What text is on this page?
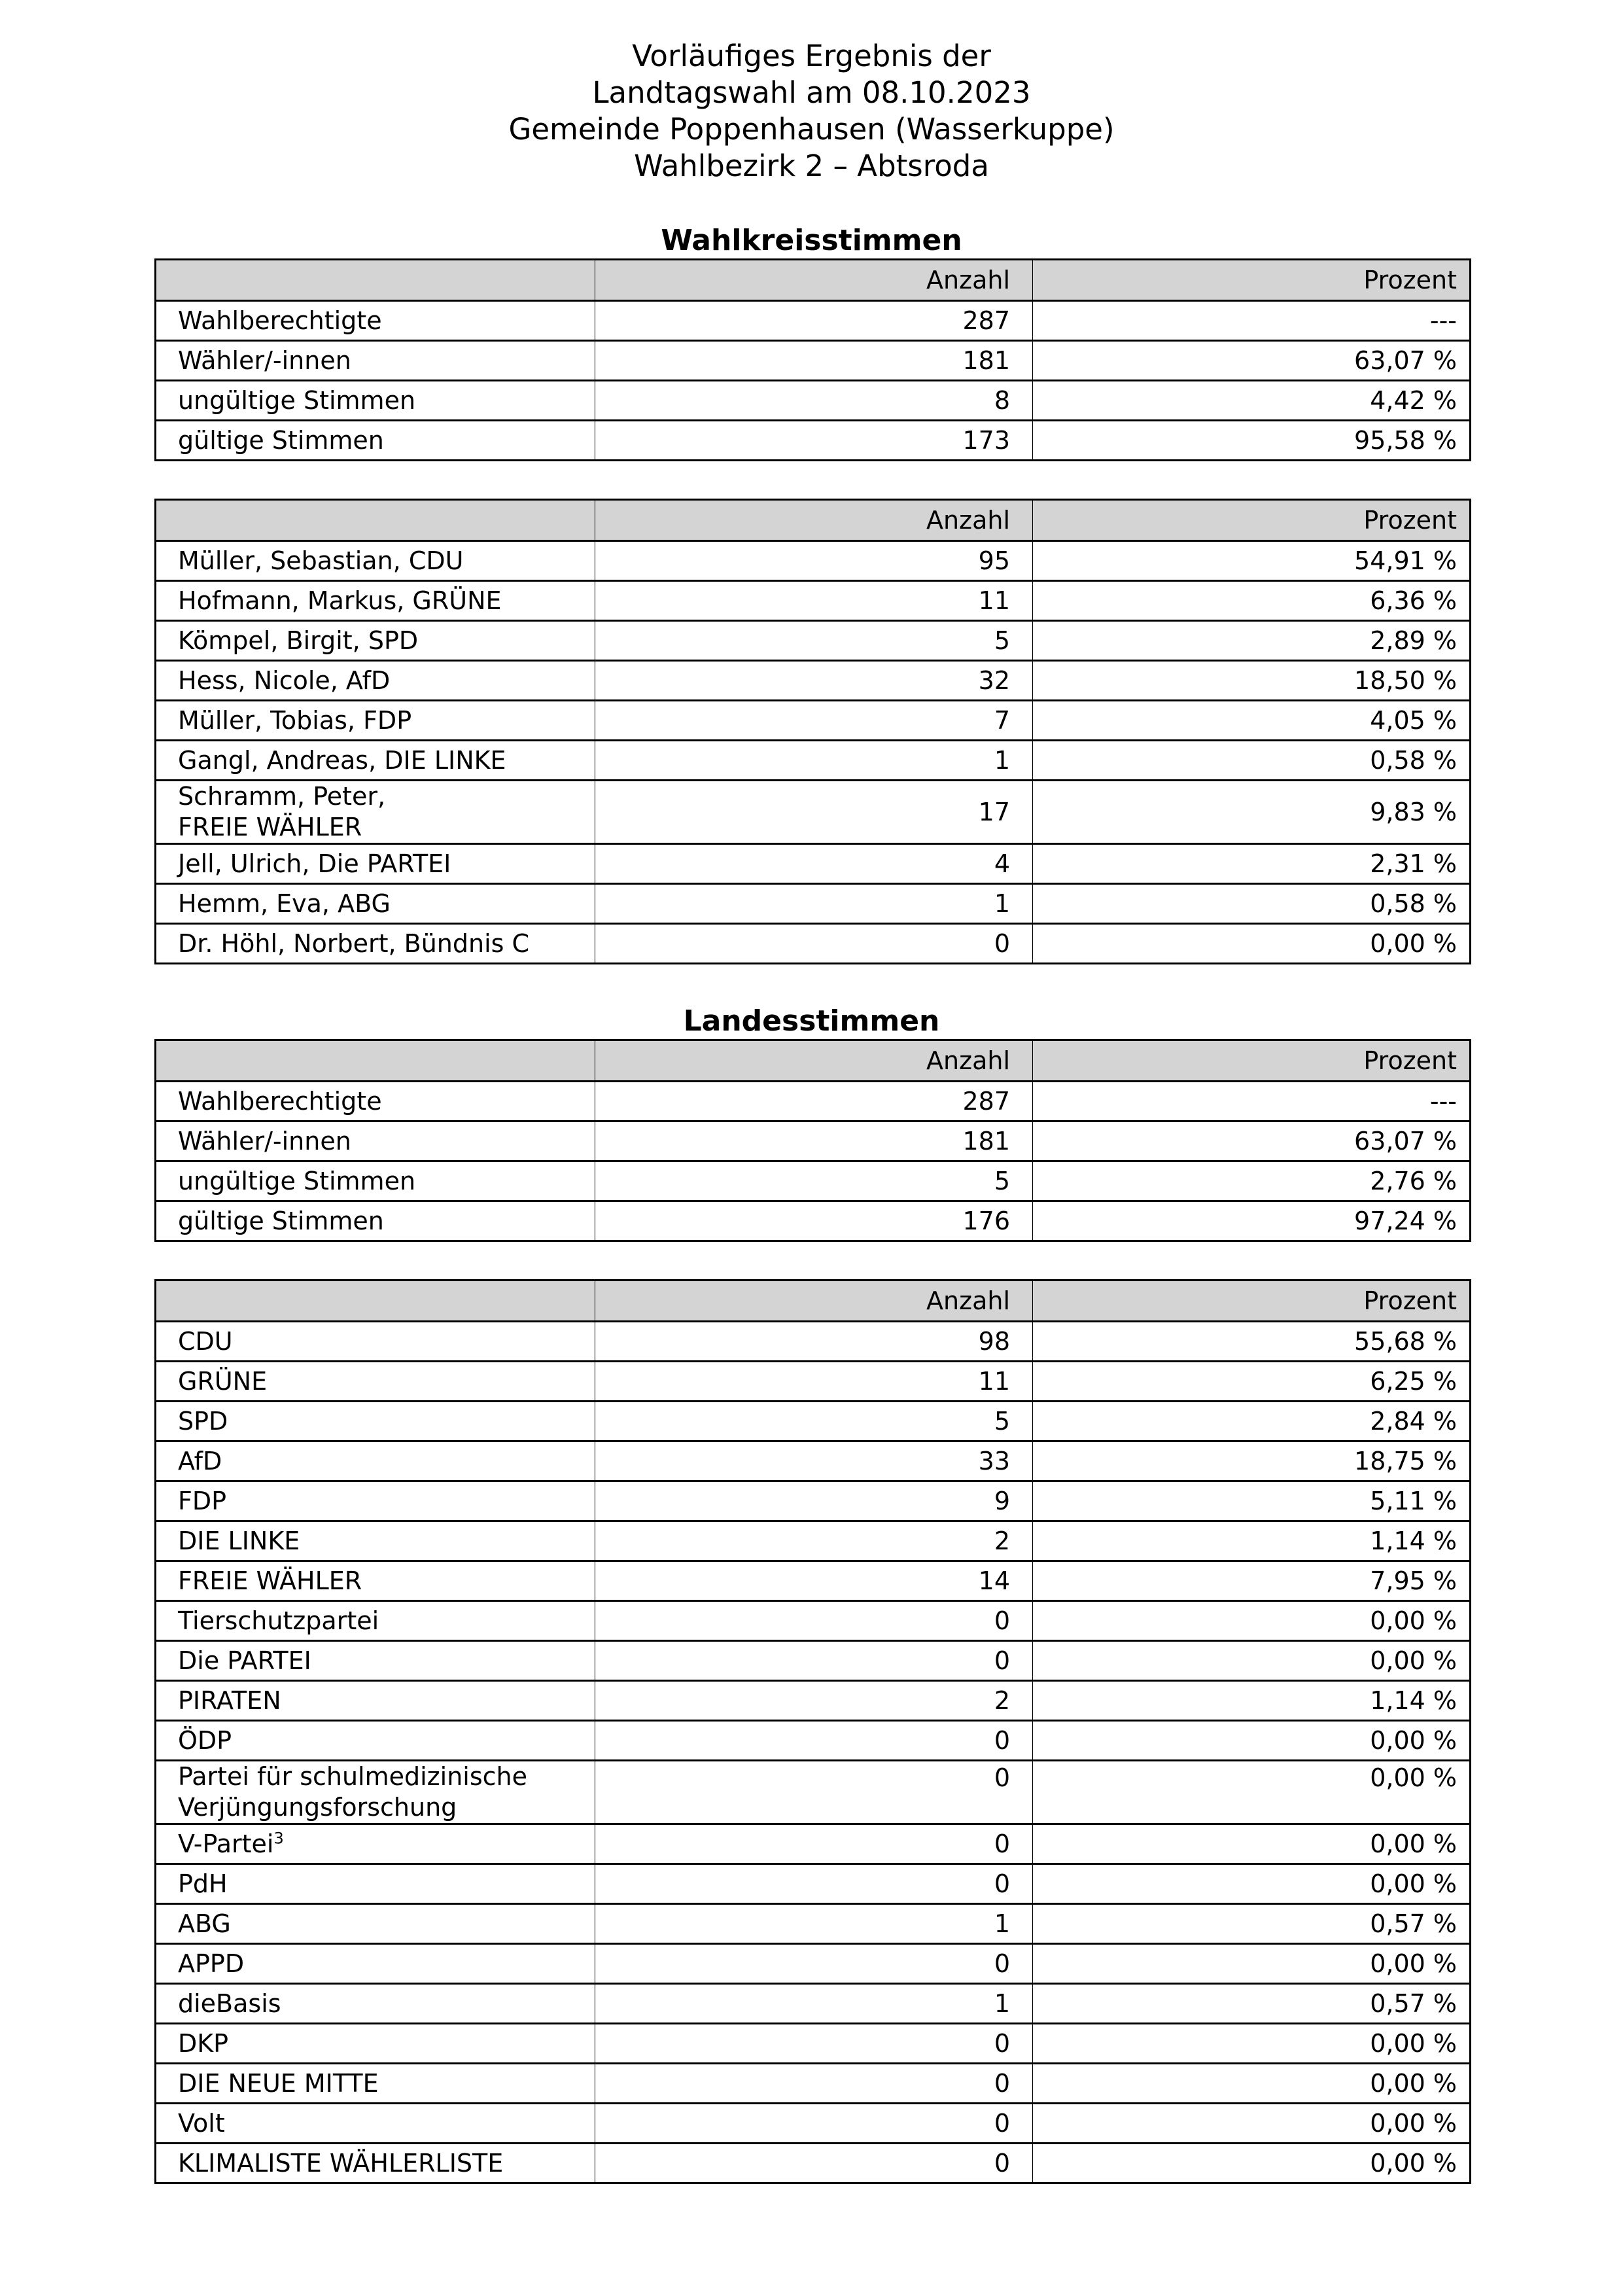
Vorläufiges Ergebnis der
Landtagswahl am 08.10.2023
Gemeinde Poppenhausen (Wasserkuppe)
Wahlbezirk 2 – Abtsroda
Wahlkreisstimmen
	Anzahl	Prozent
Wahlberechtigte	287	---
Wähler/-innen	181	63,07 %
ungültige Stimmen	8	4,42 %
gültige Stimmen	173	95,58 %
	Anzahl	Prozent
Müller, Sebastian, CDU	95	54,91 %
Hofmann, Markus, GRÜNE	11	6,36 %
Kömpel, Birgit, SPD	5	2,89 %
Hess, Nicole, AfD	32	18,50 %
Müller, Tobias, FDP	7	4,05 %
Gangl, Andreas, DIE LINKE	1	0,58 %

Schramm, Peter,
FREIE WÄHLER	17	9,83 %
Jell, Ulrich, Die PARTEI	4	2,31 %
Hemm, Eva, ABG	1	0,58 %
Dr. Höhl, Norbert, Bündnis C	0	0,00 %
Landesstimmen
	Anzahl	Prozent
Wahlberechtigte	287	---
Wähler/-innen	181	63,07 %
ungültige Stimmen	5	2,76 %
gültige Stimmen	176	97,24 %
	Anzahl	Prozent
CDU	98	55,68 %
GRÜNE	11	6,25 %
SPD	5	2,84 %
AfD	33	18,75 %
FDP	9	5,11 %
DIE LINKE	2	1,14 %
FREIE WÄHLER	14	7,95 %
Tierschutzpartei	0	0,00 %
Die PARTEI	0	0,00 %
PIRATEN	2	1,14 %
ÖDP	0	0,00 %

Partei für schulmedizinische
Verjüngungsforschung	0	0,00 %
V-Partei$^3$	0	0,00 %
PdH	0	0,00 %
ABG	1	0,57 %
APPD	0	0,00 %
dieBasis	1	0,57 %
DKP	0	0,00 %
DIE NEUE MITTE	0	0,00 %
Volt	0	0,00 %
KLIMALISTE WÄHLERLISTE	0	0,00 %
